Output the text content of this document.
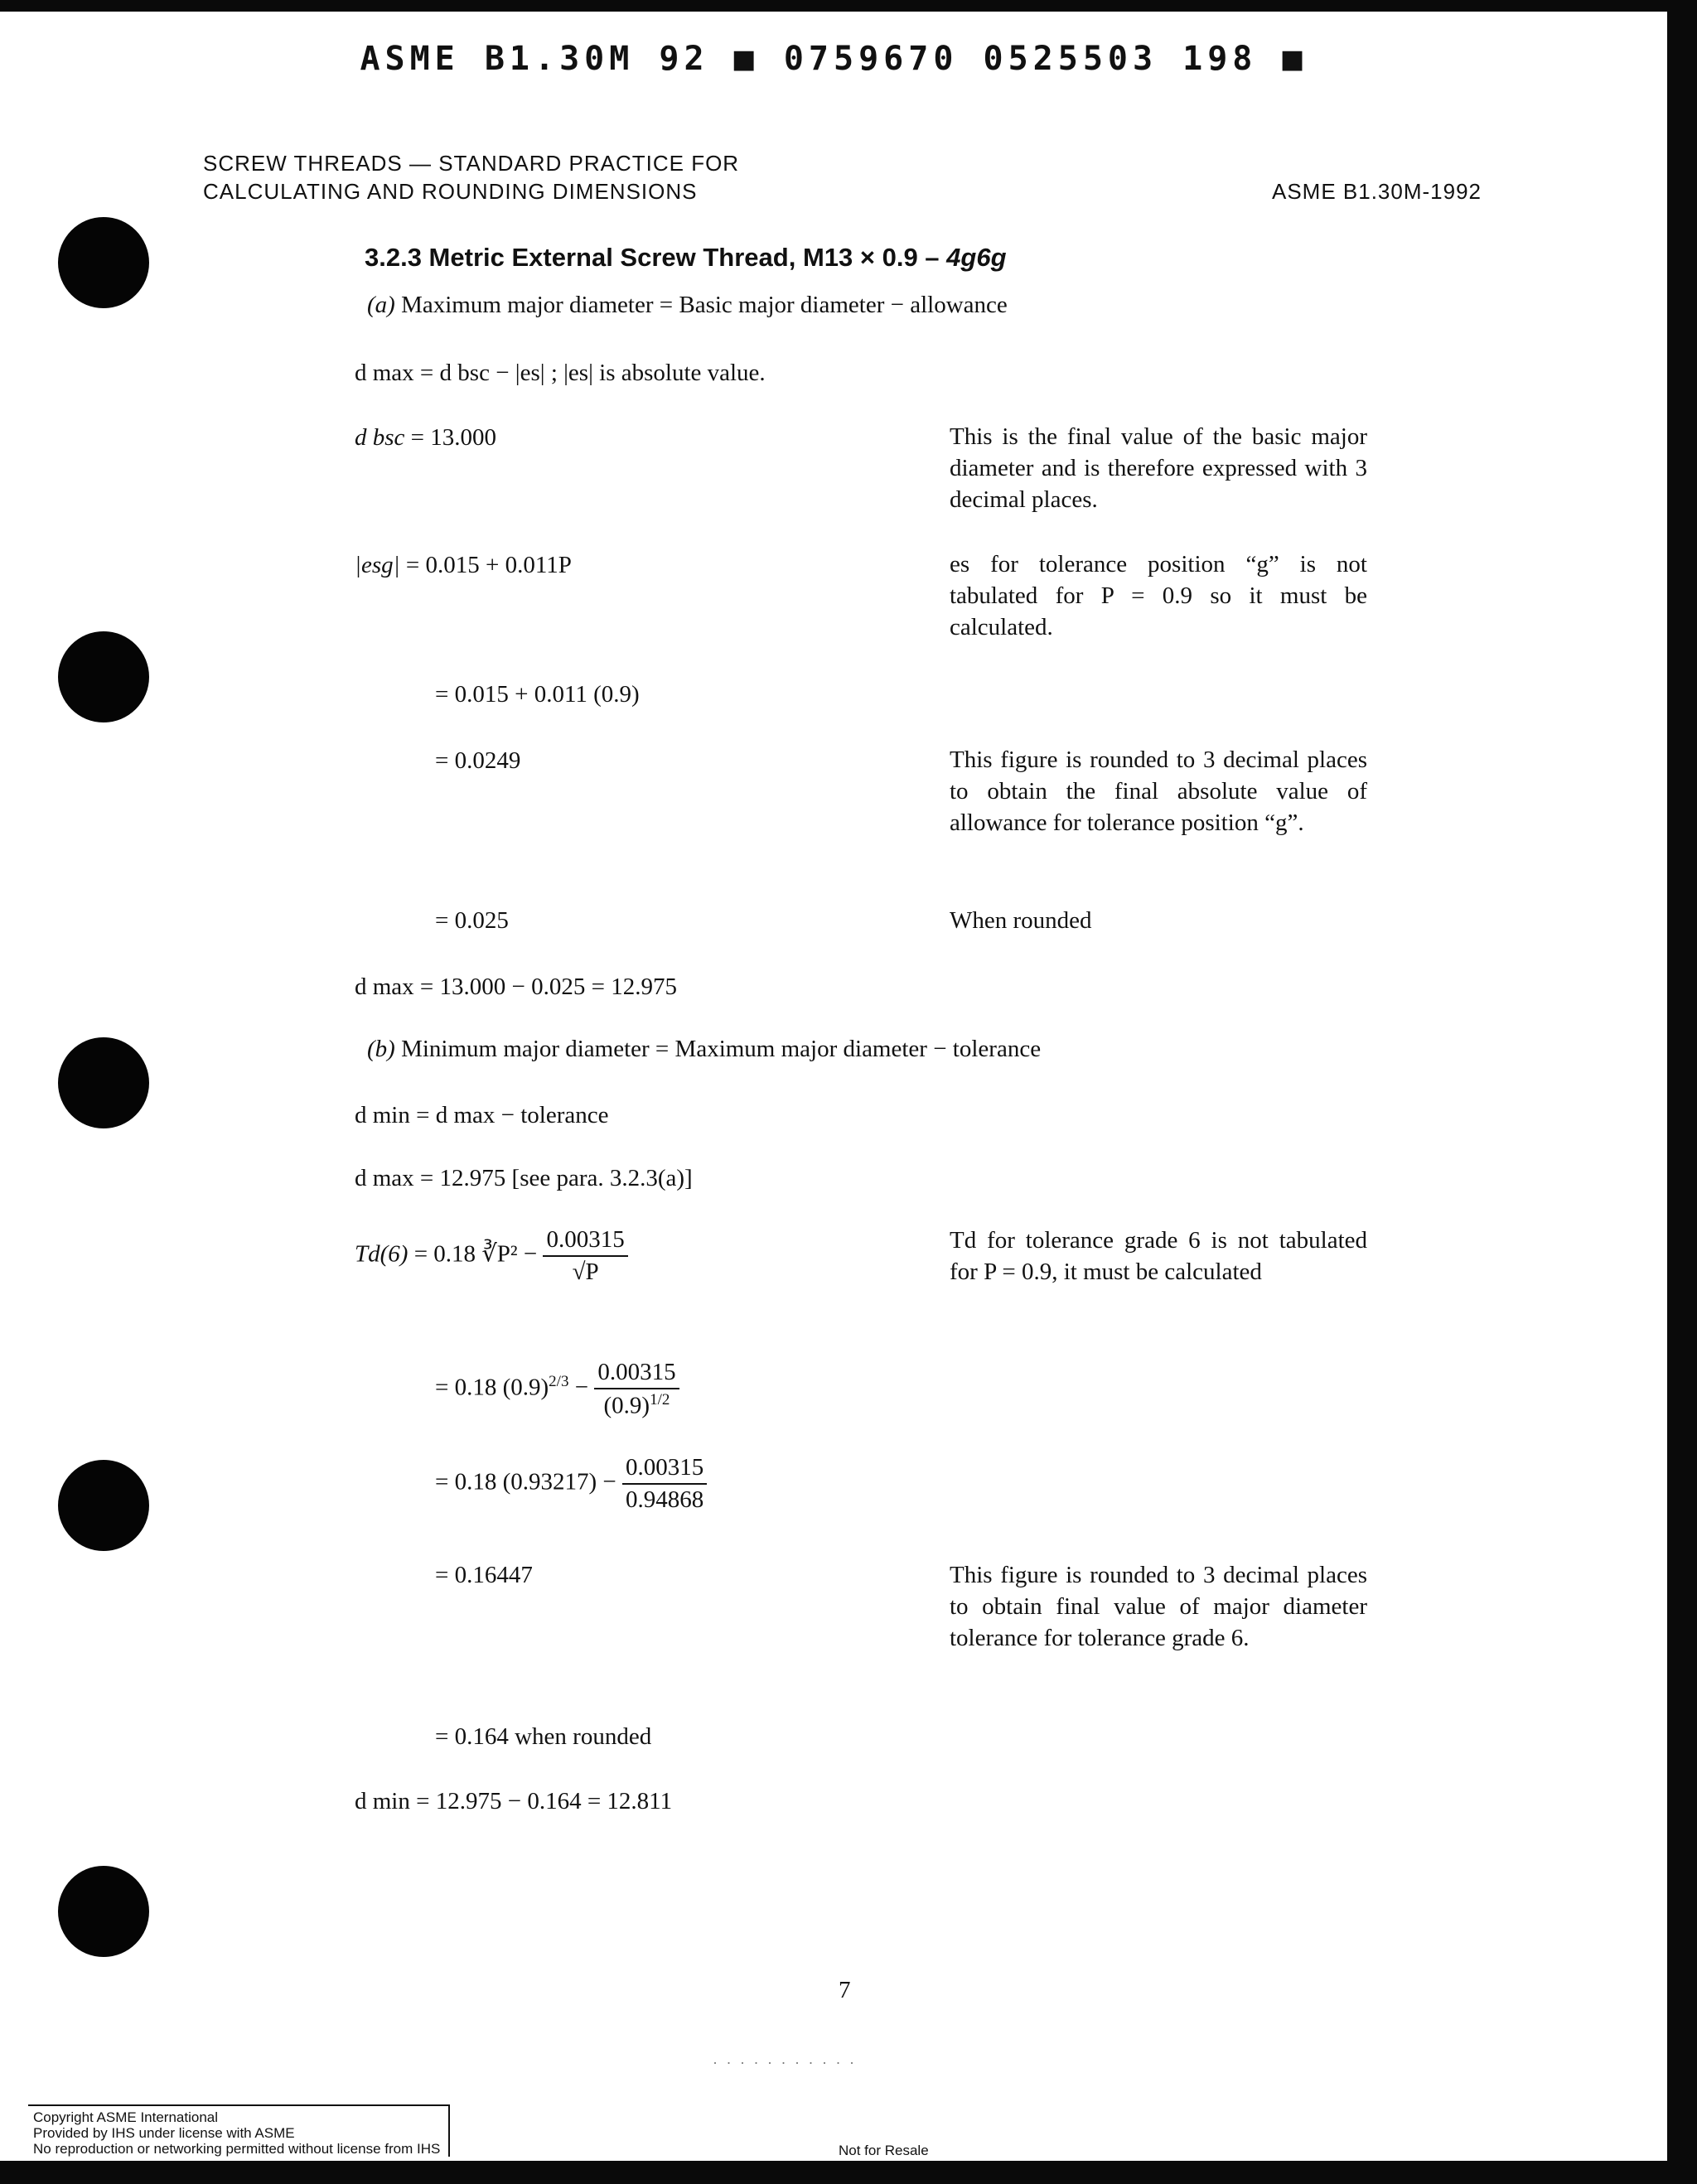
ASME B1.30M 92 ■ 0759670 0525503 198 ■
SCREW THREADS — STANDARD PRACTICE FOR
CALCULATING AND ROUNDING DIMENSIONS	ASME B1.30M-1992
3.2.3 Metric External Screw Thread, M13 × 0.9 – 4g6g
(a) Maximum major diameter = Basic major diameter − allowance
d max = d bsc − |es| ; |es| is absolute value.
d bsc = 13.000	This is the final value of the basic major diameter and is therefore expressed with 3 decimal places.
|esg| = 0.015 + 0.011P	es for tolerance position “g” is not tabulated for P = 0.9 so it must be calculated.
= 0.015 + 0.011 (0.9)
= 0.0249	This figure is rounded to 3 decimal places to obtain the final absolute value of allowance for tolerance position “g”.
= 0.025	When rounded
d max = 13.000 − 0.025 = 12.975
(b) Minimum major diameter = Maximum major diameter − tolerance
d min = d max − tolerance
d max = 12.975 [see para. 3.2.3(a)]
Td(6) = 0.18 ∛P² − $\frac{0.00315}{√P}$	Td for tolerance grade 6 is not tabulated for P = 0.9, it must be calculated
= 0.18 $(0.9)^{2/3} - \frac{0.00315}{(0.9)^{1/2}}$
= 0.18 $(0.93217) - \frac{0.00315}{0.94868}$
= 0.16447	This figure is rounded to 3 decimal places to obtain final value of major diameter tolerance for tolerance grade 6.
= 0.164 when rounded
d min = 12.975 − 0.164 = 12.811
7
· · · · · · · · · · ·
Copyright ASME International
Provided by IHS under license with ASME
No reproduction or networking permitted without license from IHS	Not for Resale
